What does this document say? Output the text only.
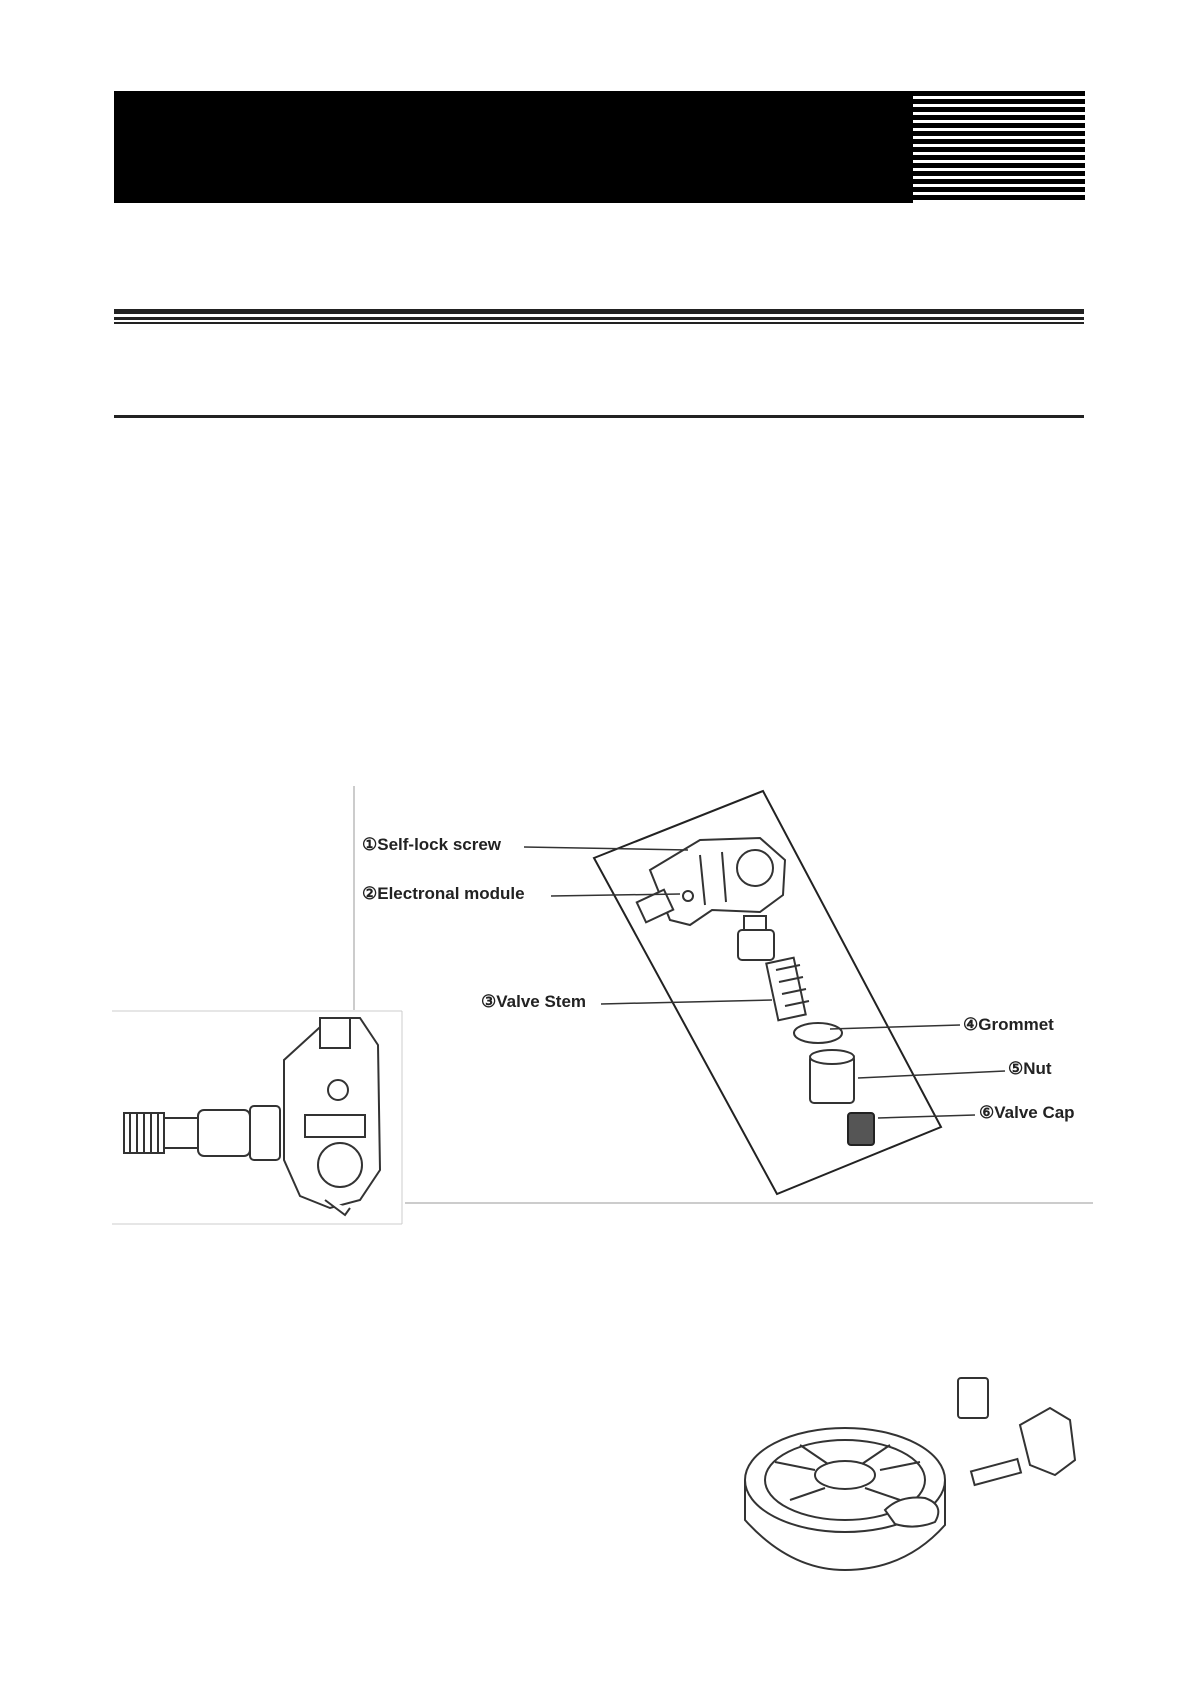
①Self-lock screw
②Electronal module
③Valve Stem
④Grommet
⑤Nut
⑥Valve Cap
